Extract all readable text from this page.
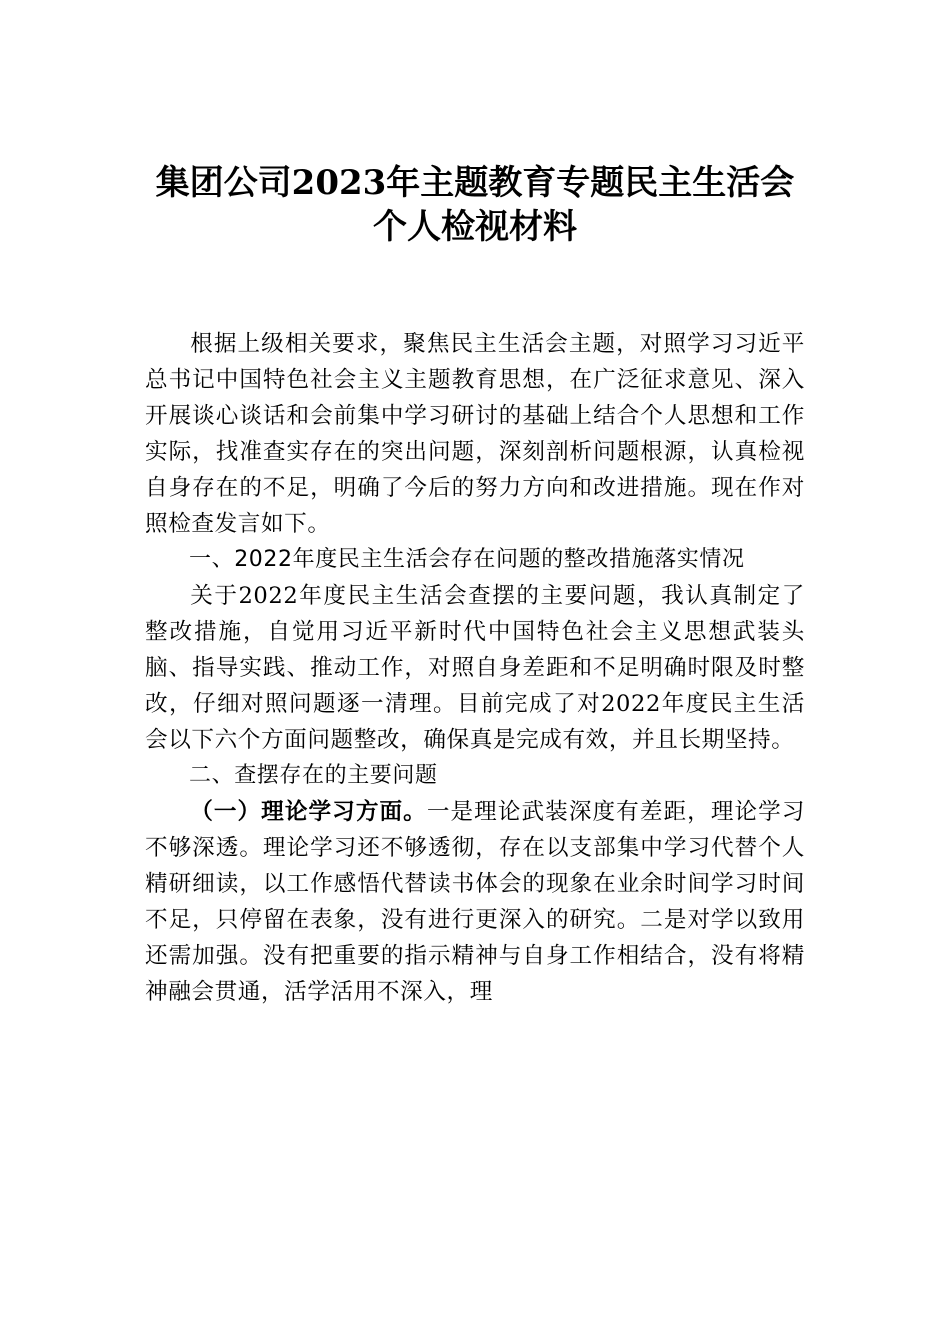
集团公司2023年主题教育专题民主生活会
个人检视材料

根据上级相关要求，聚焦民主生活会主题，对照学习习近平总书记中国特色社会主义主题教育思想，在广泛征求意见、深入开展谈心谈话和会前集中学习研讨的基础上结合个人思想和工作实际，找准查实存在的突出问题，深刻剖析问题根源，认真检视自身存在的不足，明确了今后的努力方向和改进措施。现在作对照检查发言如下。

一、2022年度民主生活会存在问题的整改措施落实情况

关于2022年度民主生活会查摆的主要问题，我认真制定了整改措施，自觉用习近平新时代中国特色社会主义思想武装头脑、指导实践、推动工作，对照自身差距和不足明确时限及时整改，仔细对照问题逐一清理。目前完成了对2022年度民主生活会以下六个方面问题整改，确保真是完成有效，并且长期坚持。

二、查摆存在的主要问题

（一）理论学习方面。一是理论武装深度有差距，理论学习不够深透。理论学习还不够透彻，存在以支部集中学习代替个人精研细读，以工作感悟代替读书体会的现象在业余时间学习时间不足，只停留在表象，没有进行更深入的研究。二是对学以致用还需加强。没有把重要的指示精神与自身工作相结合，没有将精神融会贯通，活学活用不深入，理
